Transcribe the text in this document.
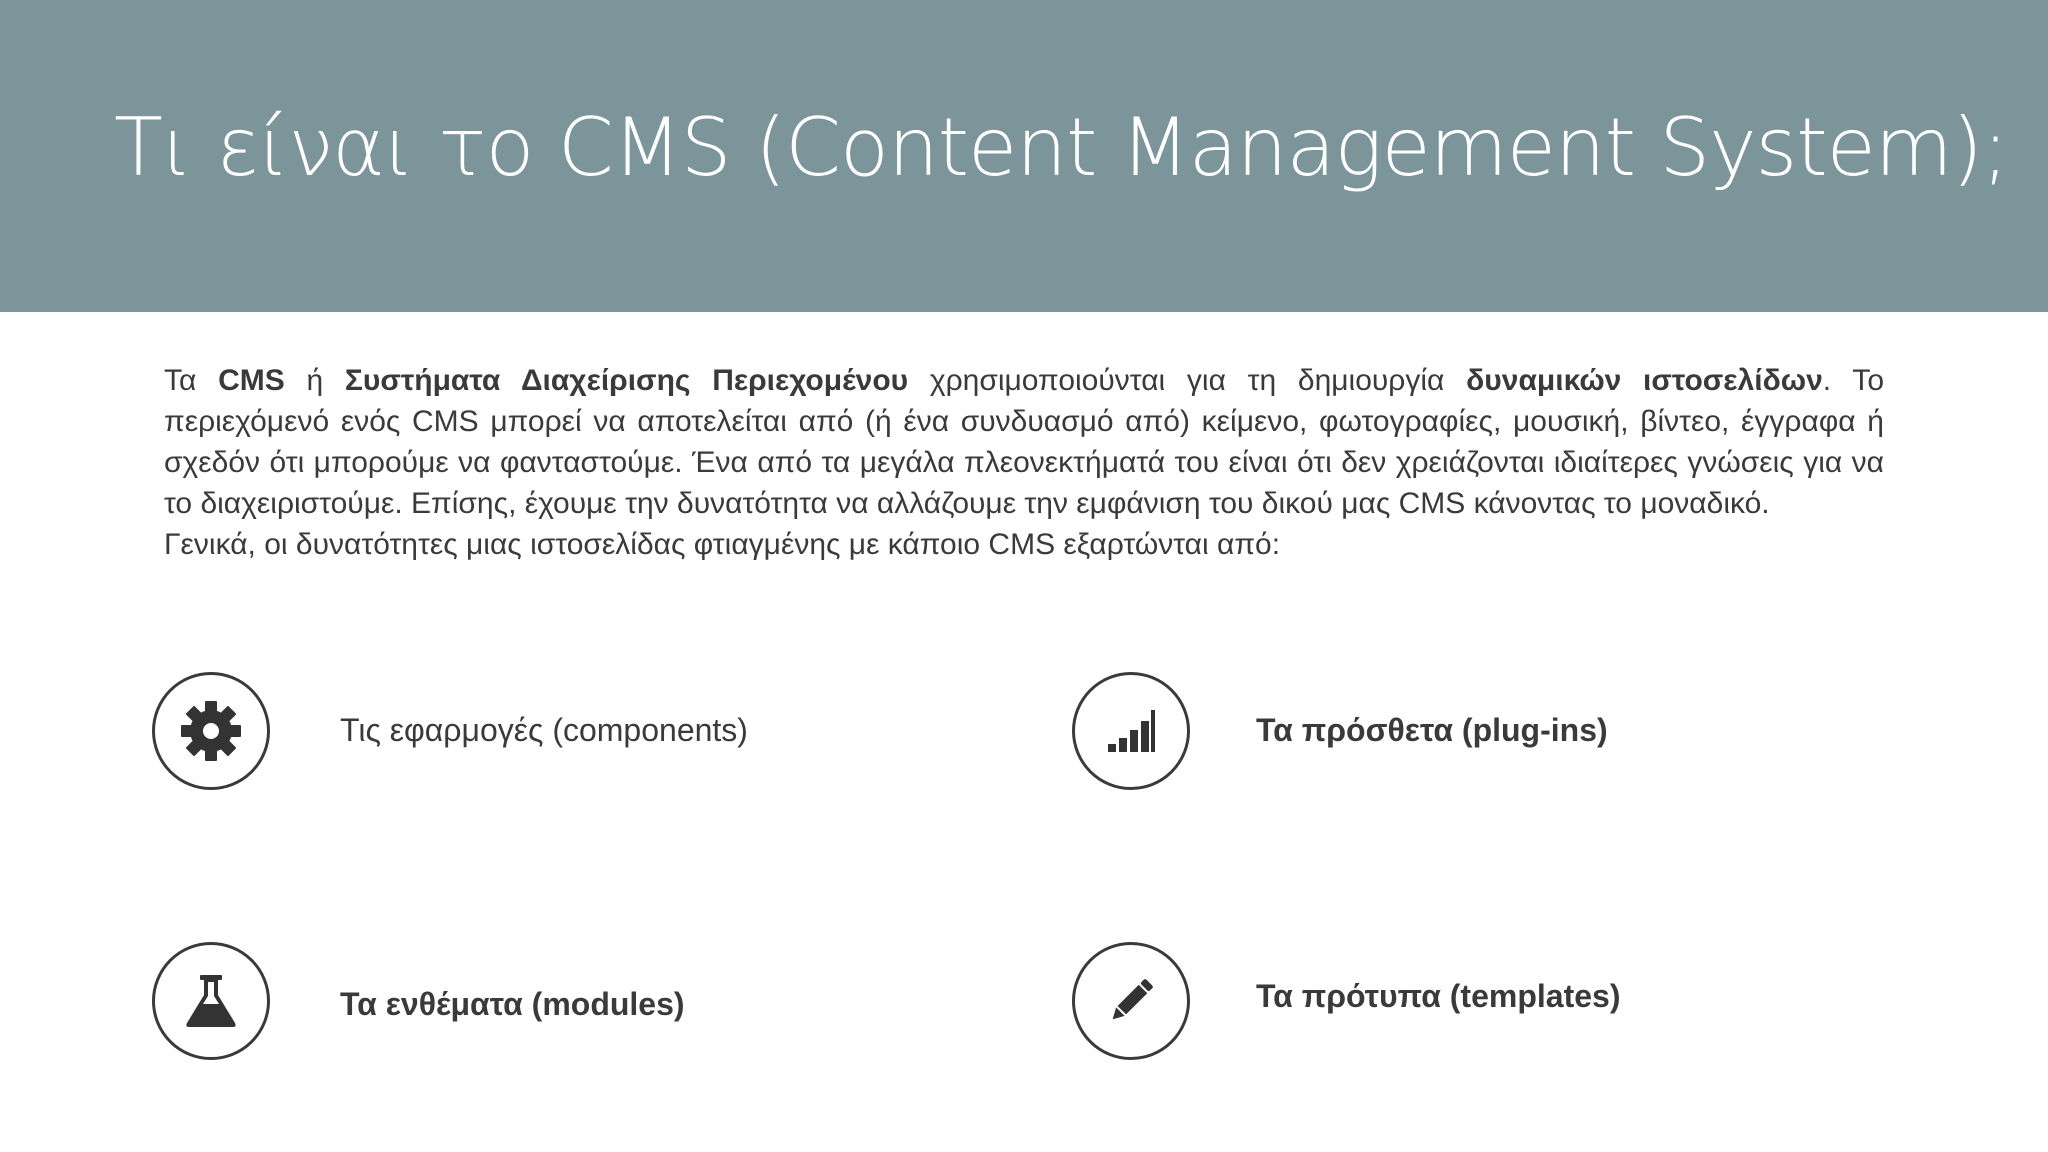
Τι είναι το CMS (Content Management System);

Τα CMS ή Συστήματα Διαχείρισης Περιεχομένου χρησιμοποιούνται για τη δημιουργία δυναμικών ιστοσελίδων. Το περιεχόμενό ενός CMS μπορεί να αποτελείται από (ή ένα συνδυασμό από) κείμενο, φωτογραφίες, μουσική, βίντεο, έγγραφα ή σχεδόν ότι μπορούμε να φανταστούμε. Ένα από τα μεγάλα πλεονεκτήματά του είναι ότι δεν χρειάζονται ιδιαίτερες γνώσεις για να το διαχειριστούμε. Επίσης, έχουμε την δυνατότητα να αλλάζουμε την εμφάνιση του δικού μας CMS κάνοντας το μοναδικό.

Γενικά, οι δυνατότητες μιας ιστοσελίδας φτιαγμένης με κάποιο CMS εξαρτώνται από:

Τις εφαρμογές (components)	Τα πρόσθετα (plug-ins)
Τα ενθέματα (modules)	Τα πρότυπα (templates)
